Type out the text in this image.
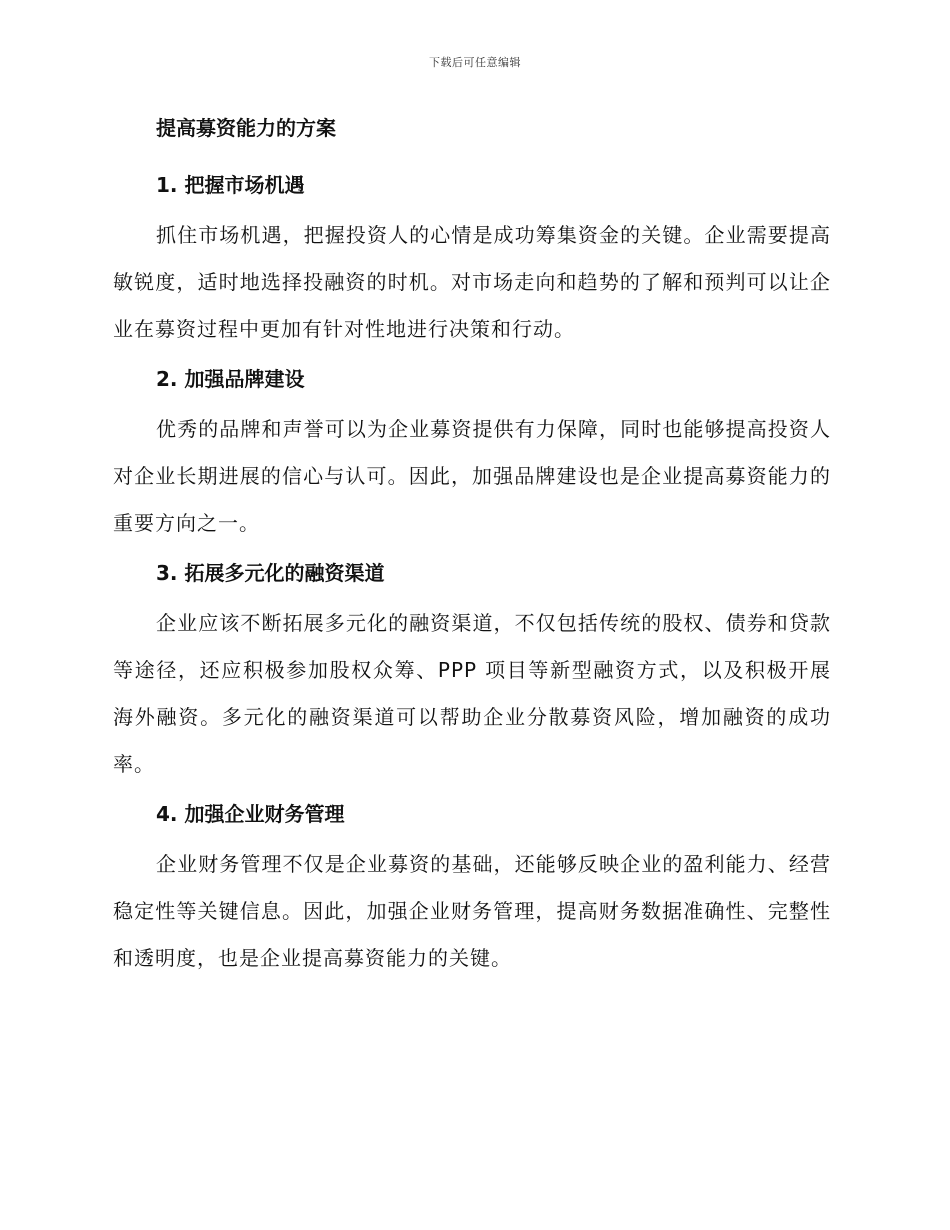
下载后可任意编辑
提高募资能力的方案
1. 把握市场机遇

抓住市场机遇，把握投资人的心情是成功筹集资金的关键。企业需要提高敏锐度，适时地选择投融资的时机。对市场走向和趋势的了解和预判可以让企业在募资过程中更加有针对性地进行决策和行动。

2. 加强品牌建设

优秀的品牌和声誉可以为企业募资提供有力保障，同时也能够提高投资人对企业长期进展的信心与认可。因此，加强品牌建设也是企业提高募资能力的重要方向之一。

3. 拓展多元化的融资渠道

企业应该不断拓展多元化的融资渠道，不仅包括传统的股权、债券和贷款等途径，还应积极参加股权众筹、PPP 项目等新型融资方式，以及积极开展海外融资。多元化的融资渠道可以帮助企业分散募资风险，增加融资的成功率。

4. 加强企业财务管理

企业财务管理不仅是企业募资的基础，还能够反映企业的盈利能力、经营稳定性等关键信息。因此，加强企业财务管理，提高财务数据准确性、完整性和透明度，也是企业提高募资能力的关键。
